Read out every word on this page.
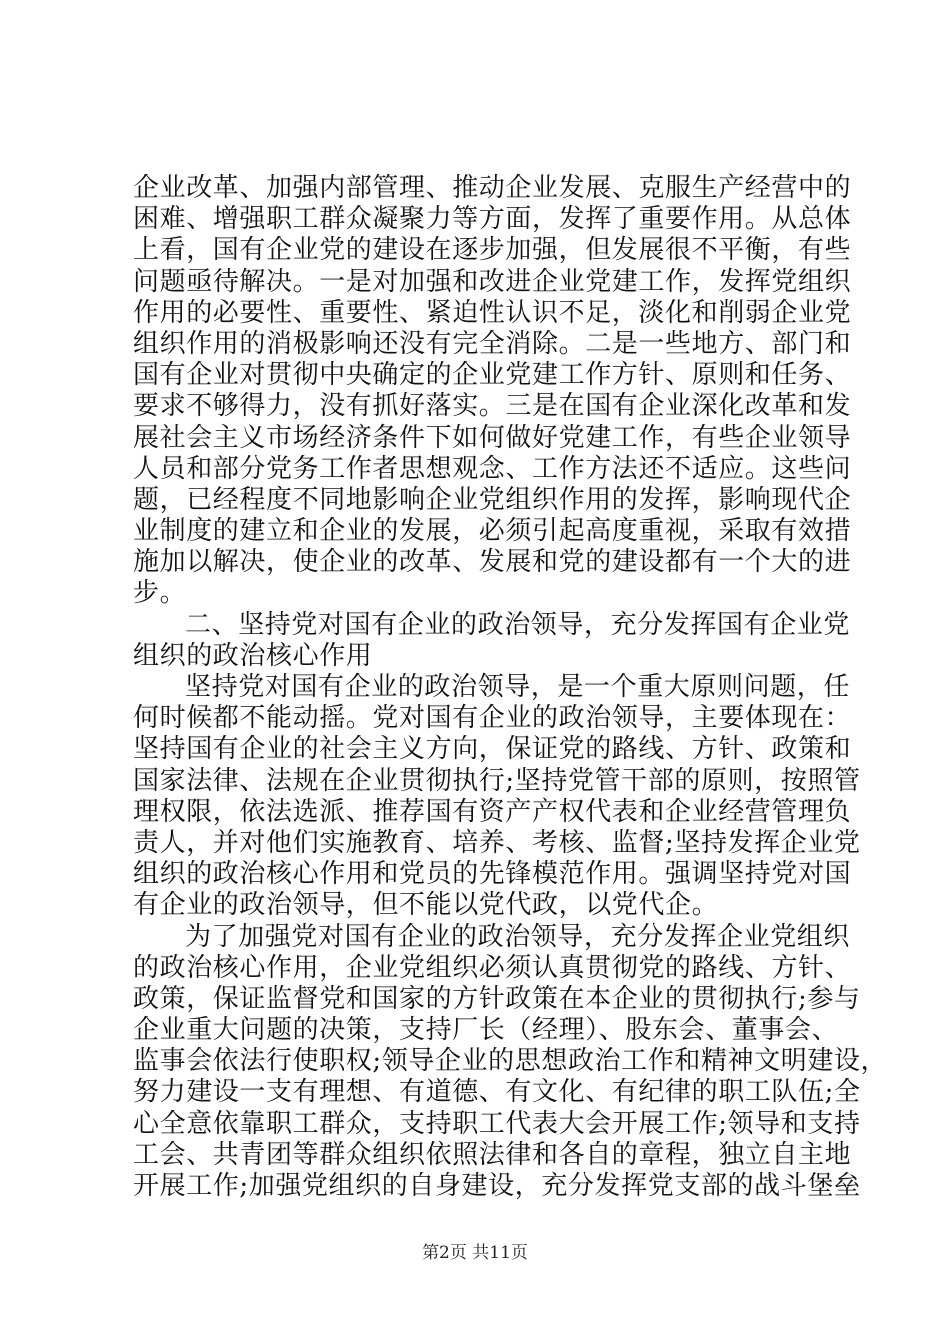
企业改革、加强内部管理、推动企业发展、克服生产经营中的
困难、增强职工群众凝聚力等方面，发挥了重要作用。从总体
上看，国有企业党的建设在逐步加强，但发展很不平衡，有些
问题亟待解决。一是对加强和改进企业党建工作，发挥党组织
作用的必要性、重要性、紧迫性认识不足，淡化和削弱企业党
组织作用的消极影响还没有完全消除。二是一些地方、部门和
国有企业对贯彻中央确定的企业党建工作方针、原则和任务、
要求不够得力，没有抓好落实。三是在国有企业深化改革和发
展社会主义市场经济条件下如何做好党建工作，有些企业领导
人员和部分党务工作者思想观念、工作方法还不适应。这些问
题，已经程度不同地影响企业党组织作用的发挥，影响现代企
业制度的建立和企业的发展，必须引起高度重视，采取有效措
施加以解决，使企业的改革、发展和党的建设都有一个大的进
步。
二、坚持党对国有企业的政治领导，充分发挥国有企业党
组织的政治核心作用
坚持党对国有企业的政治领导，是一个重大原则问题，任
何时候都不能动摇。党对国有企业的政治领导，主要体现在：
坚持国有企业的社会主义方向，保证党的路线、方针、政策和
国家法律、法规在企业贯彻执行;坚持党管干部的原则，按照管
理权限，依法选派、推荐国有资产产权代表和企业经营管理负
责人，并对他们实施教育、培养、考核、监督;坚持发挥企业党
组织的政治核心作用和党员的先锋模范作用。强调坚持党对国
有企业的政治领导，但不能以党代政，以党代企。
为了加强党对国有企业的政治领导，充分发挥企业党组织
的政治核心作用，企业党组织必须认真贯彻党的路线、方针、
政策，保证监督党和国家的方针政策在本企业的贯彻执行;参与
企业重大问题的决策，支持厂长（经理）、股东会、董事会、
监事会依法行使职权;领导企业的思想政治工作和精神文明建设，
努力建设一支有理想、有道德、有文化、有纪律的职工队伍;全
心全意依靠职工群众，支持职工代表大会开展工作;领导和支持
工会、共青团等群众组织依照法律和各自的章程，独立自主地
开展工作;加强党组织的自身建设，充分发挥党支部的战斗堡垒
第2页 共11页
